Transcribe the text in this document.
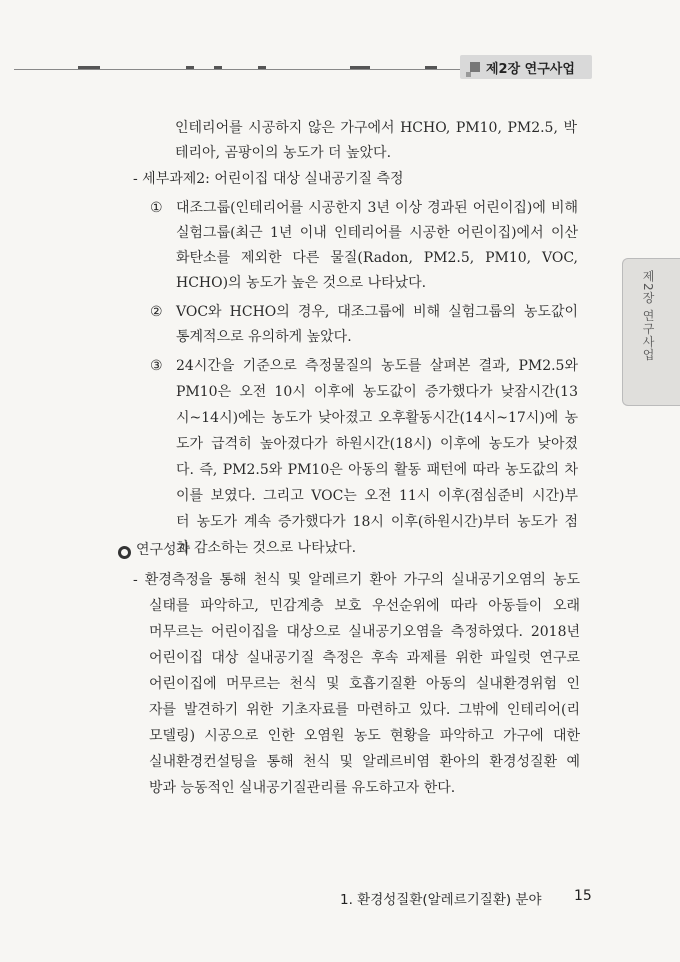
제2장 연구사업
제2장 연구사업
인테리어를 시공하지 않은 가구에서 HCHO, PM10, PM2.5, 박
테리아, 곰팡이의 농도가 더 높았다.
- 세부과제2: 어린이집 대상 실내공기질 측정
① 대조그룹(인테리어를 시공한지 3년 이상 경과된 어린이집)에 비해
실험그룹(최근 1년 이내 인테리어를 시공한 어린이집)에서 이산
화탄소를 제외한 다른 물질(Radon, PM2.5, PM10, VOC,
HCHO)의 농도가 높은 것으로 나타났다.
② VOC와 HCHO의 경우, 대조그룹에 비해 실험그룹의 농도값이
통계적으로 유의하게 높았다.
③ 24시간을 기준으로 측정물질의 농도를 살펴본 결과, PM2.5와
PM10은 오전 10시 이후에 농도값이 증가했다가 낮잠시간(13
시~14시)에는 농도가 낮아졌고 오후활동시간(14시~17시)에 농
도가 급격히 높아졌다가 하원시간(18시) 이후에 농도가 낮아졌
다. 즉, PM2.5와 PM10은 아동의 활동 패턴에 따라 농도값의 차
이를 보였다. 그리고 VOC는 오전 11시 이후(점심준비 시간)부
터 농도가 계속 증가했다가 18시 이후(하원시간)부터 농도가 점
차 감소하는 것으로 나타났다.
연구성과
- 환경측정을 통해 천식 및 알레르기 환아 가구의 실내공기오염의 농도
실태를 파악하고, 민감계층 보호 우선순위에 따라 아동들이 오래
머무르는 어린이집을 대상으로 실내공기오염을 측정하였다. 2018년
어린이집 대상 실내공기질 측정은 후속 과제를 위한 파일럿 연구로
어린이집에 머무르는 천식 및 호흡기질환 아동의 실내환경위험 인
자를 발견하기 위한 기초자료를 마련하고 있다. 그밖에 인테리어(리
모델링) 시공으로 인한 오염원 농도 현황을 파악하고 가구에 대한
실내환경컨설팅을 통해 천식 및 알레르비염 환아의 환경성질환 예
방과 능동적인 실내공기질관리를 유도하고자 한다.
1. 환경성질환(알레르기질환) 분야 15
